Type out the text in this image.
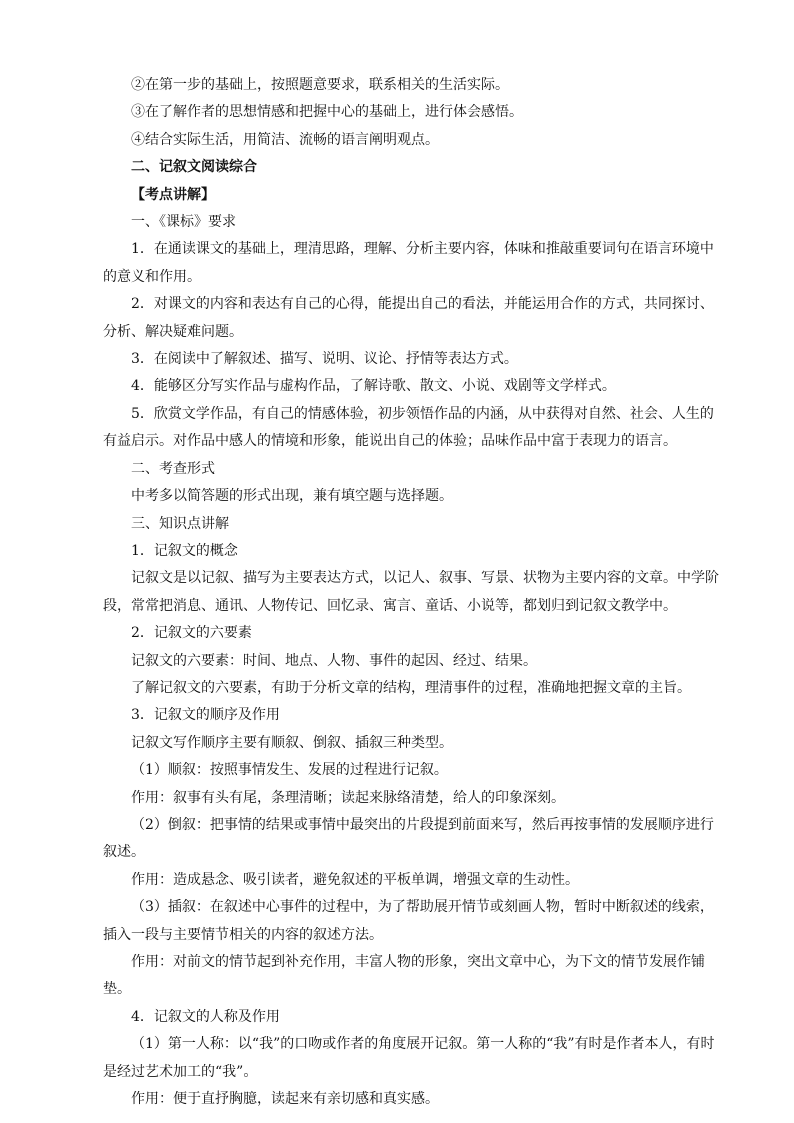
②在第一步的基础上，按照题意要求，联系相关的生活实际。

③在了解作者的思想情感和把握中心的基础上，进行体会感悟。

④结合实际生活，用简洁、流畅的语言阐明观点。

二、记叙文阅读综合

【考点讲解】

一、《课标》要求

1．在通读课文的基础上，理清思路，理解、分析主要内容，体味和推敲重要词句在语言环境中的意义和作用。

2．对课文的内容和表达有自己的心得，能提出自己的看法，并能运用合作的方式，共同探讨、分析、解决疑难问题。

3．在阅读中了解叙述、描写、说明、议论、抒情等表达方式。

4．能够区分写实作品与虚构作品，了解诗歌、散文、小说、戏剧等文学样式。

5．欣赏文学作品，有自己的情感体验，初步领悟作品的内涵，从中获得对自然、社会、人生的有益启示。对作品中感人的情境和形象，能说出自己的体验；品味作品中富于表现力的语言。

二、考查形式

中考多以简答题的形式出现，兼有填空题与选择题。

三、知识点讲解

1．记叙文的概念

记叙文是以记叙、描写为主要表达方式，以记人、叙事、写景、状物为主要内容的文章。中学阶段，常常把消息、通讯、人物传记、回忆录、寓言、童话、小说等，都划归到记叙文教学中。

2．记叙文的六要素

记叙文的六要素：时间、地点、人物、事件的起因、经过、结果。

了解记叙文的六要素，有助于分析文章的结构，理清事件的过程，准确地把握文章的主旨。

3．记叙文的顺序及作用

记叙文写作顺序主要有顺叙、倒叙、插叙三种类型。

（1）顺叙：按照事情发生、发展的过程进行记叙。

作用：叙事有头有尾，条理清晰；读起来脉络清楚，给人的印象深刻。

（2）倒叙：把事情的结果或事情中最突出的片段提到前面来写，然后再按事情的发展顺序进行叙述。

作用：造成悬念、吸引读者，避免叙述的平板单调，增强文章的生动性。

（3）插叙：在叙述中心事件的过程中，为了帮助展开情节或刻画人物，暂时中断叙述的线索，插入一段与主要情节相关的内容的叙述方法。

作用：对前文的情节起到补充作用，丰富人物的形象，突出文章中心，为下文的情节发展作铺垫。

4．记叙文的人称及作用

（1）第一人称：以“我”的口吻或作者的角度展开记叙。第一人称的“我”有时是作者本人，有时是经过艺术加工的“我”。

作用：便于直抒胸臆，读起来有亲切感和真实感。
